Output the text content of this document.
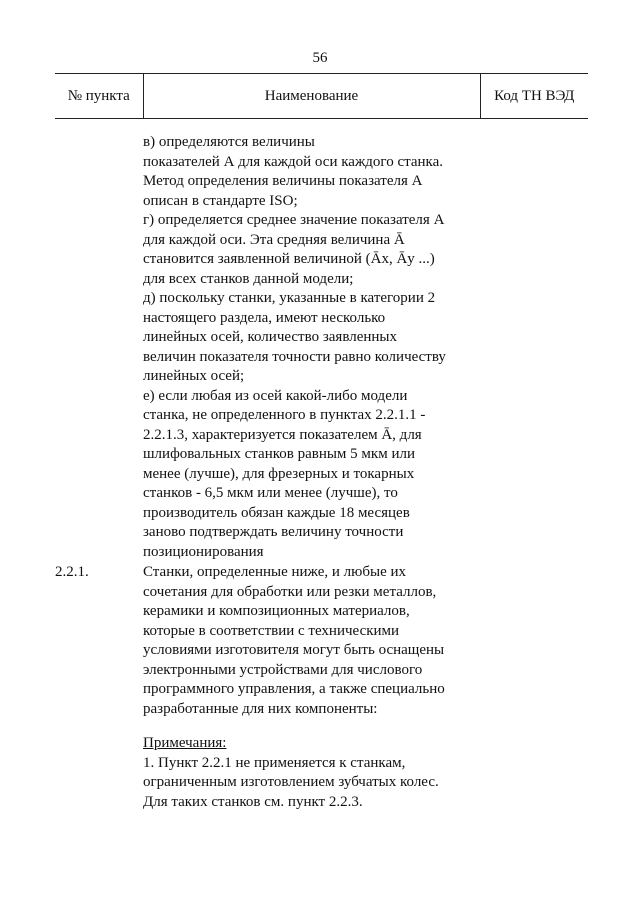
56
№ пункта	Наименование	Код ТН ВЭД
в) определяются величины
показателей А для каждой оси каждого станка.
Метод определения величины показателя А
описан в стандарте ISO;
г) определяется среднее значение показателя А
для каждой оси. Эта средняя величина Ā
становится заявленной величиной (Āх, Āу ...)
для всех станков данной модели;
д) поскольку станки, указанные в категории 2
настоящего раздела, имеют несколько
линейных осей, количество заявленных
величин показателя точности равно количеству
линейных осей;
е) если любая из осей какой-либо модели
станка, не определенного в пунктах 2.2.1.1 -
2.2.1.3, характеризуется показателем Ā, для
шлифовальных станков равным 5 мкм или
менее (лучше), для фрезерных и токарных
станков - 6,5 мкм или менее (лучше), то
производитель обязан каждые 18 месяцев
заново подтверждать величину точности
позиционирования
2.2.1.	Станки, определенные ниже, и любые их
сочетания для обработки или резки металлов,
керамики и композиционных материалов,
которые в соответствии с техническими
условиями изготовителя могут быть оснащены
электронными устройствами для числового
программного управления, а также специально
разработанные для них компоненты:
Примечания:
1. Пункт 2.2.1 не применяется к станкам,
ограниченным изготовлением зубчатых колес.
Для таких станков см. пункт 2.2.3.
